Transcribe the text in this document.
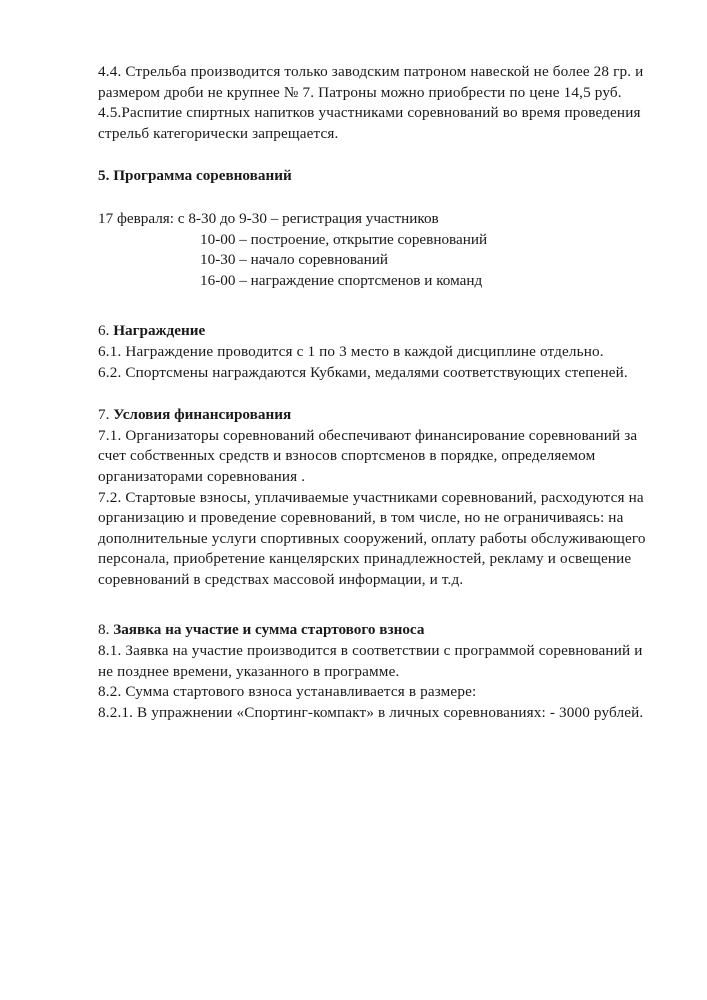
4.4. Стрельба производится только заводским патроном навеской не более 28 гр. и размером дроби не крупнее № 7. Патроны можно приобрести по цене 14,5 руб.

4.5.Распитие спиртных напитков участниками соревнований во время проведения стрельб категорически запрещается.

5. Программа соревнований

17 февраля: с 8-30 до 9-30 – регистрация участников

10-00 – построение, открытие соревнований

10-30 – начало соревнований

16-00 – награждение спортсменов и команд

6. Награждение

6.1. Награждение проводится с 1 по 3 место в каждой дисциплине отдельно.

6.2. Спортсмены награждаются Кубками, медалями соответствующих степеней.

7. Условия финансирования

7.1. Организаторы соревнований обеспечивают финансирование соревнований за счет собственных средств и взносов спортсменов в порядке, определяемом организаторами соревнования .

7.2. Стартовые взносы, уплачиваемые участниками соревнований, расходуются на организацию и проведение соревнований, в том числе, но не ограничиваясь: на дополнительные услуги спортивных сооружений, оплату работы обслуживающего персонала, приобретение канцелярских принадлежностей, рекламу и освещение соревнований в средствах массовой информации, и т.д.

8. Заявка на участие и сумма стартового взноса

8.1. Заявка на участие производится в соответствии с программой соревнований и не позднее времени, указанного в программе.

8.2. Сумма стартового взноса устанавливается в размере:

8.2.1. В упражнении «Спортинг-компакт» в личных соревнованиях: - 3000 рублей.
